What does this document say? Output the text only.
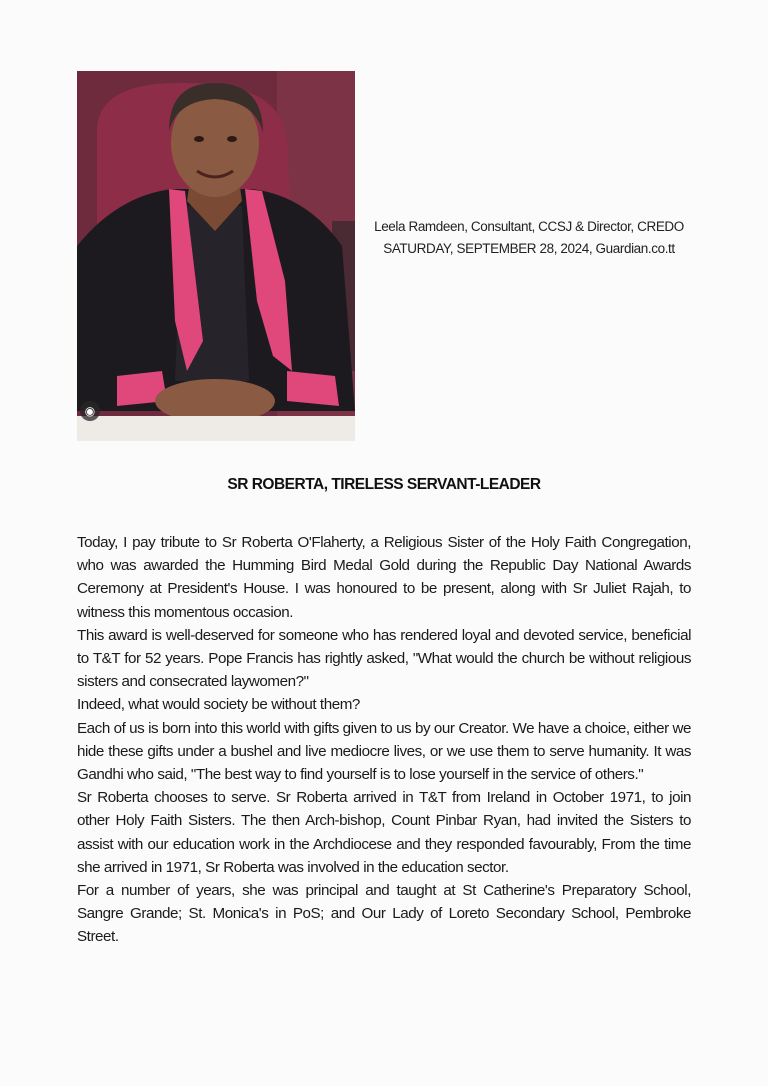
◉
Leela Ramdeen, Consultant, CCSJ & Director, CREDO
SATURDAY, SEPTEMBER 28, 2024, Guardian.co.tt
SR ROBERTA, TIRELESS SERVANT-LEADER

Today, I pay tribute to Sr Roberta O'Flaherty, a Religious Sister of the Holy Faith Congregation, who was awarded the Humming Bird Medal Gold during the Republic Day National Awards Ceremony at President's House. I was honoured to be present, along with Sr Juliet Rajah, to witness this momentous occasion.

This award is well-deserved for someone who has rendered loyal and devoted service, beneficial to T&T for 52 years. Pope Francis has rightly asked, "What would the church be without religious sisters and consecrated laywomen?"

Indeed, what would society be without them?

Each of us is born into this world with gifts given to us by our Creator. We have a choice, either we hide these gifts under a bushel and live mediocre lives, or we use them to serve humanity. It was Gandhi who said, "The best way to find yourself is to lose yourself in the service of others."

Sr Roberta chooses to serve. Sr Roberta arrived in T&T from Ireland in October 1971, to join other Holy Faith Sisters. The then Arch-bishop, Count Pinbar Ryan, had invited the Sisters to assist with our education work in the Archdiocese and they responded favourably, From the time she arrived in 1971, Sr Roberta was involved in the education sector.

For a number of years, she was principal and taught at St Catherine's Preparatory School, Sangre Grande; St. Monica's in PoS; and Our Lady of Loreto Secondary School, Pembroke Street.
